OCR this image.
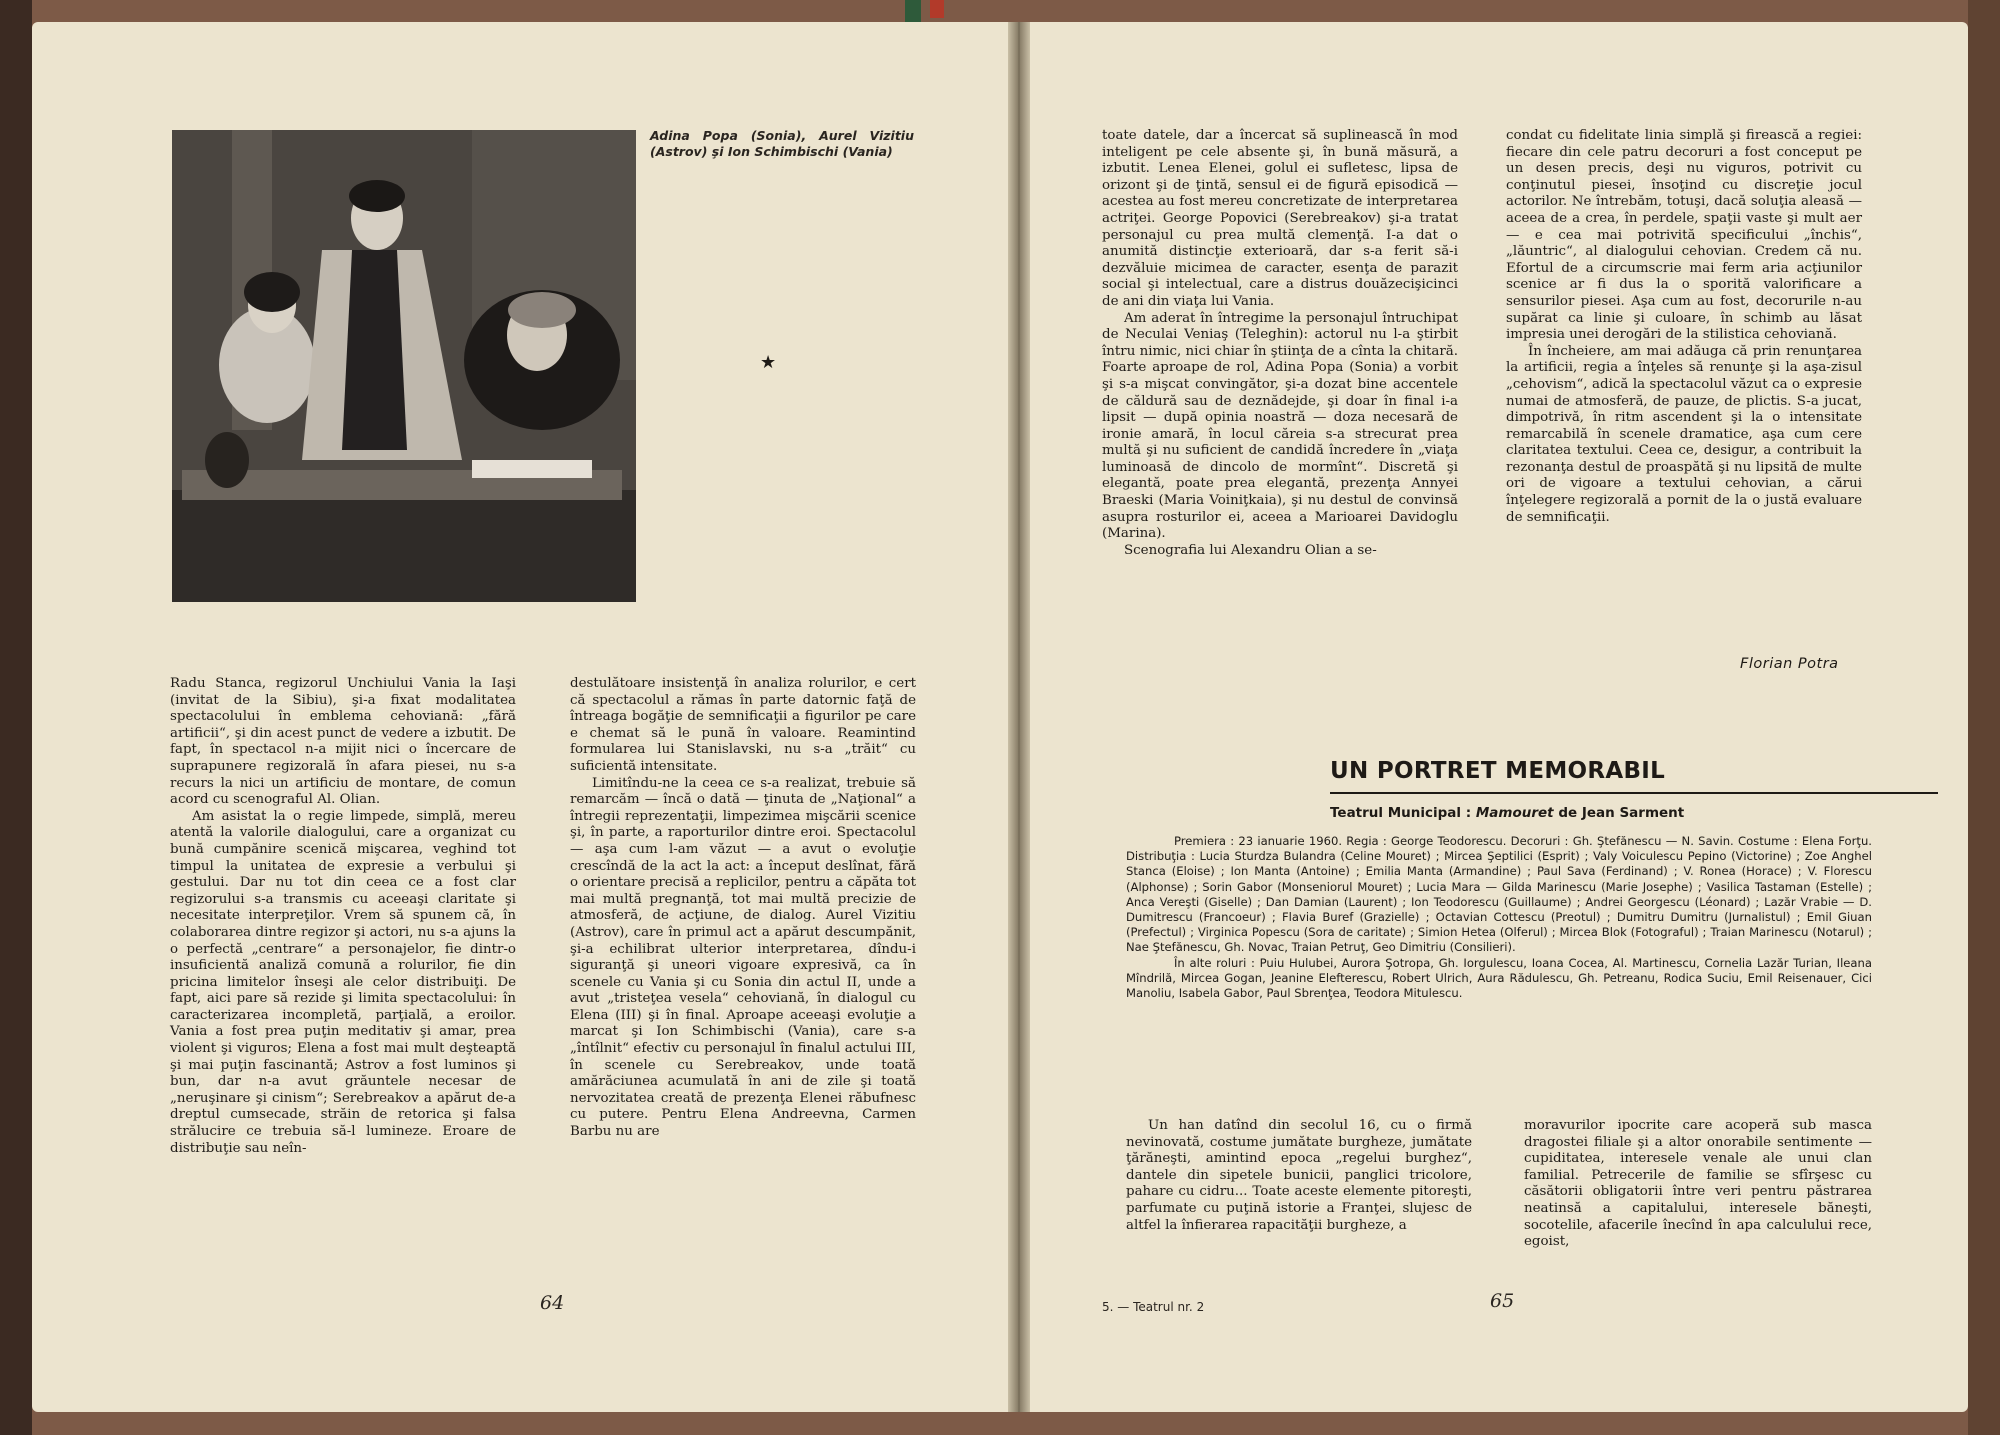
Adina Popa (Sonia), Aurel Vizitiu (Astrov) şi Ion Schimbischi (Vania)
★

Radu Stanca, regizorul Unchiului Vania la Iaşi (invitat de la Sibiu), şi-a fixat modalitatea spectacolului în emblema cehoviană: „fără artificii“, şi din acest punct de vedere a izbutit. De fapt, în spectacol n-a mijit nici o încercare de suprapunere regizorală în afara piesei, nu s-a recurs la nici un artificiu de montare, de comun acord cu scenograful Al. Olian.

Am asistat la o regie limpede, simplă, mereu atentă la valorile dialogului, care a organizat cu bună cumpănire scenică mişcarea, veghind tot timpul la unitatea de expresie a verbului şi gestului. Dar nu tot din ceea ce a fost clar regizorului s-a transmis cu aceeaşi claritate şi necesitate interpreţilor. Vrem să spunem că, în colaborarea dintre regizor şi actori, nu s-a ajuns la o perfectă „centrare“ a personajelor, fie dintr-o insuficientă analiză comună a rolurilor, fie din pricina limitelor înseşi ale celor distribuiţi. De fapt, aici pare să rezide şi limita spectacolului: în caracterizarea incompletă, parţială, a eroilor. Vania a fost prea puţin meditativ şi amar, prea violent şi viguros; Elena a fost mai mult deşteaptă şi mai puţin fascinantă; Astrov a fost luminos şi bun, dar n-a avut grăuntele necesar de „neruşinare şi cinism“; Serebreakov a apărut de-a dreptul cumsecade, străin de retorica şi falsa strălucire ce trebuia să-l lumineze. Eroare de distribuţie sau neîn-

destulătoare insistenţă în analiza rolurilor, e cert că spectacolul a rămas în parte datornic faţă de întreaga bogăţie de semnificaţii a figurilor pe care e chemat să le pună în valoare. Reamintind formularea lui Stanislavski, nu s-a „trăit“ cu suficientă intensitate.

Limitîndu-ne la ceea ce s-a realizat, trebuie să remarcăm — încă o dată — ţinuta de „Naţional“ a întregii reprezentaţii, limpezimea mişcării scenice şi, în parte, a raporturilor dintre eroi. Spectacolul — aşa cum l-am văzut — a avut o evoluţie crescîndă de la act la act: a început deslînat, fără o orientare precisă a replicilor, pentru a căpăta tot mai multă pregnanţă, tot mai multă precizie de atmosferă, de acţiune, de dialog. Aurel Vizitiu (Astrov), care în primul act a apărut descumpănit, şi-a echilibrat ulterior interpretarea, dîndu-i siguranţă şi uneori vigoare expresivă, ca în scenele cu Vania şi cu Sonia din actul II, unde a avut „tristeţea vesela“ cehoviană, în dialogul cu Elena (III) şi în final. Aproape aceeaşi evoluţie a marcat şi Ion Schimbischi (Vania), care s-a „întîlnit“ efectiv cu personajul în finalul actului III, în scenele cu Serebreakov, unde toată amărăciunea acumulată în ani de zile şi toată nervozitatea creată de prezenţa Elenei răbufnesc cu putere. Pentru Elena Andreevna, Carmen Barbu nu are

64

toate datele, dar a încercat să suplinească în mod inteligent pe cele absente şi, în bună măsură, a izbutit. Lenea Elenei, golul ei sufletesc, lipsa de orizont şi de ţintă, sensul ei de figură episodică — acestea au fost mereu concretizate de interpretarea actriţei. George Popovici (Serebreakov) şi-a tratat personajul cu prea multă clemenţă. I-a dat o anumită distincţie exterioară, dar s-a ferit să-i dezvăluie micimea de caracter, esenţa de parazit social şi intelectual, care a distrus douăzecişicinci de ani din viaţa lui Vania.

Am aderat în întregime la personajul întruchipat de Neculai Veniaş (Teleghin): actorul nu l-a ştirbit întru nimic, nici chiar în ştiinţa de a cînta la chitară. Foarte aproape de rol, Adina Popa (Sonia) a vorbit şi s-a mişcat convingător, şi-a dozat bine accentele de căldură sau de deznădejde, şi doar în final i-a lipsit — după opinia noastră — doza necesară de ironie amară, în locul căreia s-a strecurat prea multă şi nu suficient de candidă încredere în „viaţa luminoasă de dincolo de mormînt“. Discretă şi elegantă, poate prea elegantă, prezenţa Annyei Braeski (Maria Voiniţkaia), şi nu destul de convinsă asupra rosturilor ei, aceea a Marioarei Davidoglu (Marina).

Scenografia lui Alexandru Olian a se-

condat cu fidelitate linia simplă şi firească a regiei: fiecare din cele patru decoruri a fost conceput pe un desen precis, deşi nu viguros, potrivit cu conţinutul piesei, însoţind cu discreţie jocul actorilor. Ne întrebăm, totuşi, dacă soluţia aleasă — aceea de a crea, în perdele, spaţii vaste şi mult aer — e cea mai potrivită specificului „închis“, „lăuntric“, al dialogului cehovian. Credem că nu. Efortul de a circumscrie mai ferm aria acţiunilor scenice ar fi dus la o sporită valorificare a sensurilor piesei. Aşa cum au fost, decorurile n-au supărat ca linie şi culoare, în schimb au lăsat impresia unei derogări de la stilistica cehoviană.

În încheiere, am mai adăuga că prin renunţarea la artificii, regia a înţeles să renunţe şi la aşa-zisul „cehovism“, adică la spectacolul văzut ca o expresie numai de atmosferă, de pauze, de plictis. S-a jucat, dimpotrivă, în ritm ascendent şi la o intensitate remarcabilă în scenele dramatice, aşa cum cere claritatea textului. Ceea ce, desigur, a contribuit la rezonanţa destul de proaspătă şi nu lipsită de multe ori de vigoare a textului cehovian, a cărui înţelegere regizorală a pornit de la o justă evaluare de semnificaţii.

Florian Potra
UN PORTRET MEMORABIL
Teatrul Municipal : Mamouret de Jean Sarment

Premiera : 23 ianuarie 1960. Regia : George Teodorescu. Decoruri : Gh. Ştefănescu — N. Savin. Costume : Elena Forţu. Distribuţia : Lucia Sturdza Bulandra (Celine Mouret) ; Mircea Şeptilici (Esprit) ; Valy Voiculescu Pepino (Victorine) ; Zoe Anghel Stanca (Eloise) ; Ion Manta (Antoine) ; Emilia Manta (Armandine) ; Paul Sava (Ferdinand) ; V. Ronea (Horace) ; V. Florescu (Alphonse) ; Sorin Gabor (Monseniorul Mouret) ; Lucia Mara — Gilda Marinescu (Marie Josephe) ; Vasilica Tastaman (Estelle) ; Anca Vereşti (Giselle) ; Dan Damian (Laurent) ; Ion Teodorescu (Guillaume) ; Andrei Georgescu (Léonard) ; Lazăr Vrabie — D. Dumitrescu (Francoeur) ; Flavia Buref (Grazielle) ; Octavian Cottescu (Preotul) ; Dumitru Dumitru (Jurnalistul) ; Emil Giuan (Prefectul) ; Virginica Popescu (Sora de caritate) ; Simion Hetea (Olferul) ; Mircea Blok (Fotograful) ; Traian Marinescu (Notarul) ; Nae Ştefănescu, Gh. Novac, Traian Petruţ, Geo Dimitriu (Consilieri).

În alte roluri : Puiu Hulubei, Aurora Şotropa, Gh. Iorgulescu, Ioana Cocea, Al. Martinescu, Cornelia Lazăr Turian, Ileana Mîndrilă, Mircea Gogan, Jeanine Elefterescu, Robert Ulrich, Aura Rădulescu, Gh. Petreanu, Rodica Suciu, Emil Reisenauer, Cici Manoliu, Isabela Gabor, Paul Sbrenţea, Teodora Mitulescu.

Un han datînd din secolul 16, cu o firmă nevinovată, costume jumătate burgheze, jumătate ţărăneşti, amintind epoca „regelui burghez“, dantele din sipetele bunicii, panglici tricolore, pahare cu cidru... Toate aceste elemente pitoreşti, parfumate cu puţină istorie a Franţei, slujesc de altfel la înfierarea rapacităţii burgheze, a

moravurilor ipocrite care acoperă sub masca dragostei filiale şi a altor onorabile sentimente — cupiditatea, interesele venale ale unui clan familial. Petrecerile de familie se sfîrşesc cu căsătorii obligatorii între veri pentru păstrarea neatinsă a capitalului, interesele băneşti, socotelile, afacerile înecînd în apa calculului rece, egoist,

5. — Teatrul nr. 2	65
